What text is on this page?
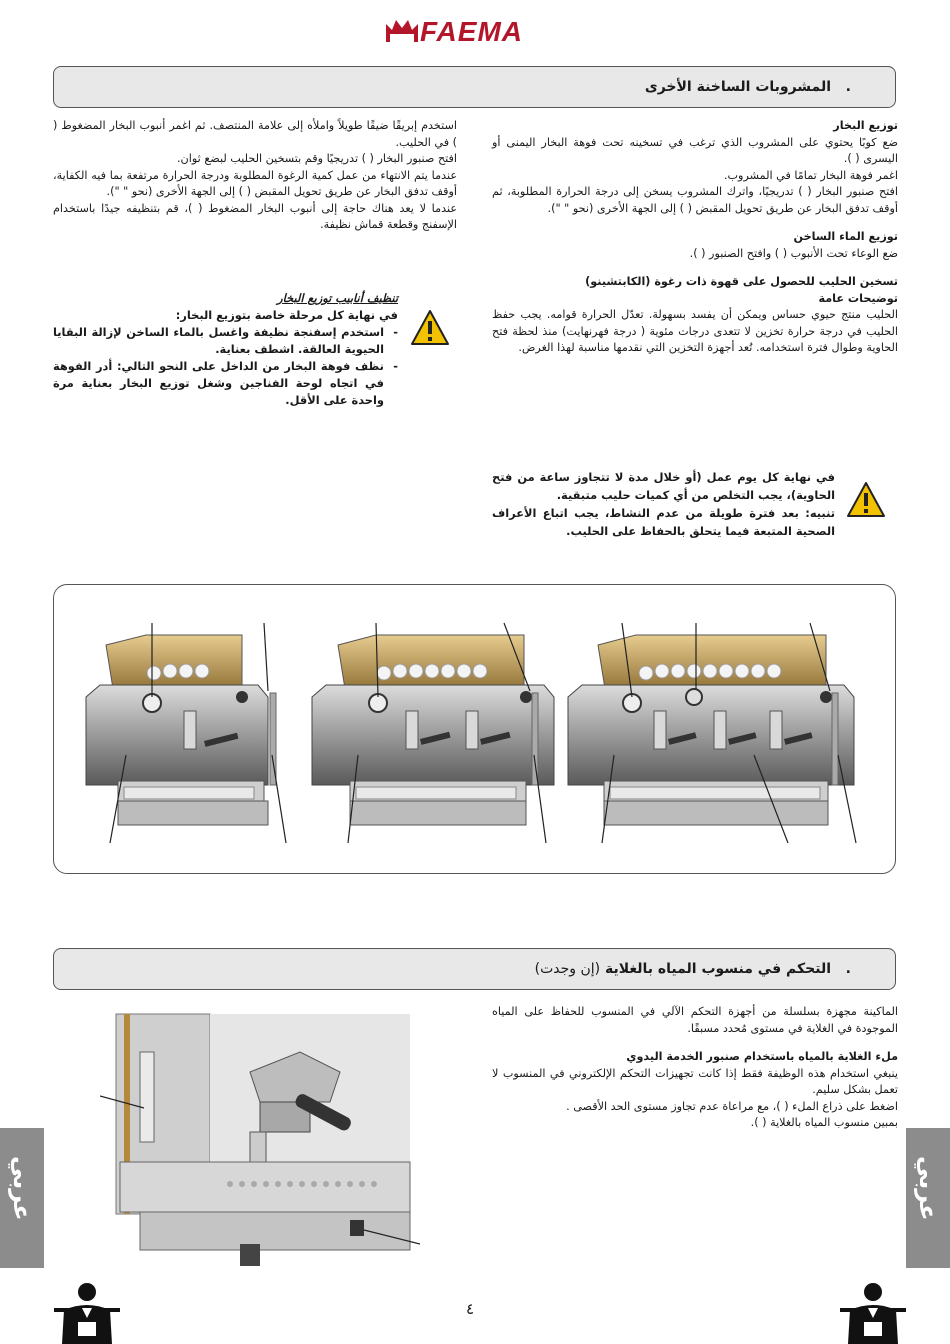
FAEMA
.
المشروبات الساخنة الأخرى

توزيع البخار

ضع كوبًا يحتوي على المشروب الذي ترغب في تسخينه تحت فوهة البخار اليمنى أو اليسرى ( ).

اغمر فوهة البخار تمامًا في المشروب.

افتح صنبور البخار ( ) تدريجيًا، واترك المشروب يسخن إلى درجة الحرارة المطلوبة، ثم أوقف تدفق البخار عن طريق تحويل المقبض ( ) إلى الجهة الأخرى (نحو " ").

توزيع الماء الساخن

ضع الوعاء تحت الأنبوب ( ) وافتح الصنبور ( ).

تسخين الحليب للحصول على قهوة ذات رغوة (الكابتشينو)

توضيحات عامة

الحليب منتج حيوي حساس ويمكن أن يفسد بسهولة. تعدّل الحرارة قوامه. يجب حفظ الحليب في درجة حرارة تخزين لا تتعدى درجات مئوية ( درجة فهرنهايت) منذ لحظة فتح الحاوية وطوال فترة استخدامه. تُعد أجهزة التخزين التي نقدمها مناسبة لهذا الغرض.

استخدم إبريقًا ضيقًا طويلاً واملأه إلى علامة المنتصف. ثم اغمر أنبوب البخار المضغوط ( ) في الحليب.

افتح صنبور البخار ( ) تدريجيًا وقم بتسخين الحليب لبضع ثوان.

عندما يتم الانتهاء من عمل كمية الرغوة المطلوبة ودرجة الحرارة مرتفعة بما فيه الكفاية، أوقف تدفق البخار عن طريق تحويل المقبض ( ) إلى الجهة الأخرى (نحو " ").

عندما لا يعد هناك حاجة إلى أنبوب البخار المضغوط ( )، قم بتنظيفه جيدًا باستخدام الإسفنج وقطعة قماش نظيفة.

تنظيف أنابيب توزيع البخار

في نهاية كل مرحلة خاصة بتوزيع البخار:

-  استخدم إسفنجة نظيفة واغسل بالماء الساخن لإزالة البقايا الحيوية العالقة. اشطف بعناية.

-  نظف فوهة البخار من الداخل على النحو التالي: أدر الفوهة في اتجاه لوحة الفناجين وشغل توزيع البخار بعناية مرة واحدة على الأقل.

في نهاية كل يوم عمل (أو خلال مدة لا تتجاوز ساعة من فتح الحاوية)، يجب التخلص من أي كميات حليب متبقية.

تنبيه: بعد فترة طويلة من عدم النشاط، يجب اتباع الأعراف الصحية المتبعة فيما يتحلق بالحفاظ على الحليب.

.
التحكم في منسوب المياه بالغلاية (إن وجدت)

الماكينة مجهزة بسلسلة من أجهزة التحكم الآلي في المنسوب للحفاظ على المياه الموجودة في الغلاية في مستوى مُحدد مسبقًا.

ملء الغلاية بالمياه باستخدام صنبور الخدمة اليدوي

ينبغي استخدام هذه الوظيفة فقط إذا كانت تجهيزات التحكم الإلكتروني في المنسوب لا تعمل بشكل سليم.

اضغط على ذراع الملء ( )، مع مراعاة عدم تجاوز مستوى الحد الأقصى .

بمبين منسوب المياه بالغلاية ( ).

عربي	عربي
٤
